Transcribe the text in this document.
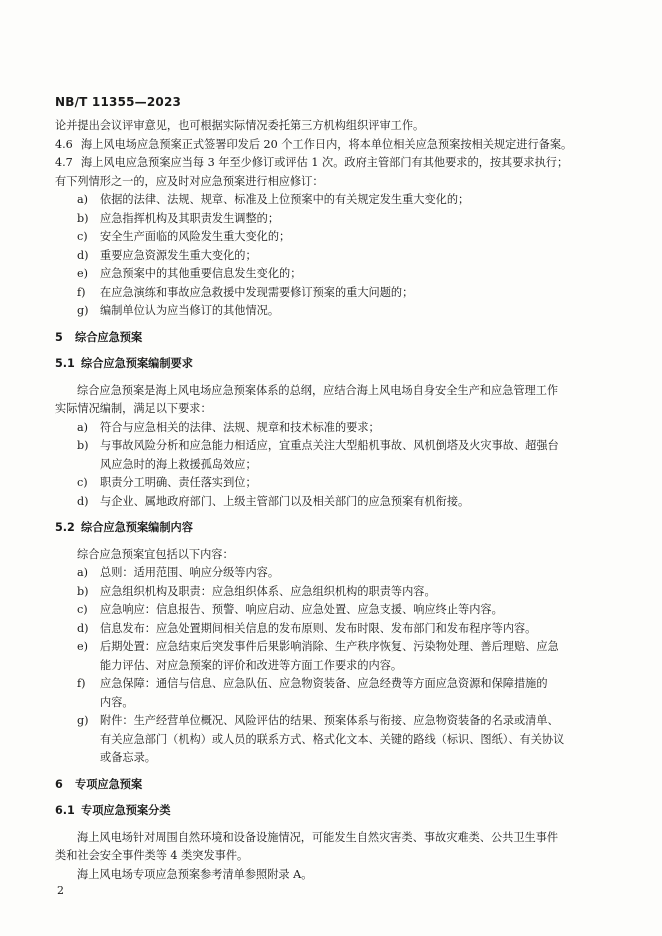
NB/T 11355—2023
论并提出会议评审意见，也可根据实际情况委托第三方机构组织评审工作。
4.6 海上风电场应急预案正式签署印发后 20 个工作日内，将本单位相关应急预案按相关规定进行备案。
4.7 海上风电应急预案应当每 3 年至少修订或评估 1 次。政府主管部门有其他要求的，按其要求执行；
有下列情形之一的，应及时对应急预案进行相应修订：
a) 依据的法律、法规、规章、标准及上位预案中的有关规定发生重大变化的；
b) 应急指挥机构及其职责发生调整的；
c) 安全生产面临的风险发生重大变化的；
d) 重要应急资源发生重大变化的；
e) 应急预案中的其他重要信息发生变化的；
f) 在应急演练和事故应急救援中发现需要修订预案的重大问题的；
g) 编制单位认为应当修订的其他情况。
5 综合应急预案
5.1 综合应急预案编制要求
综合应急预案是海上风电场应急预案体系的总纲，应结合海上风电场自身安全生产和应急管理工作
实际情况编制，满足以下要求：
a) 符合与应急相关的法律、法规、规章和技术标准的要求；
b) 与事故风险分析和应急能力相适应，宜重点关注大型船机事故、风机倒塔及火灾事故、超强台
风应急时的海上救援孤岛效应；
c) 职责分工明确、责任落实到位；
d) 与企业、属地政府部门、上级主管部门以及相关部门的应急预案有机衔接。
5.2 综合应急预案编制内容
综合应急预案宜包括以下内容：
a) 总则：适用范围、响应分级等内容。
b) 应急组织机构及职责：应急组织体系、应急组织机构的职责等内容。
c) 应急响应：信息报告、预警、响应启动、应急处置、应急支援、响应终止等内容。
d) 信息发布：应急处置期间相关信息的发布原则、发布时限、发布部门和发布程序等内容。
e) 后期处置：应急结束后突发事件后果影响消除、生产秩序恢复、污染物处理、善后理赔、应急
能力评估、对应急预案的评价和改进等方面工作要求的内容。
f) 应急保障：通信与信息、应急队伍、应急物资装备、应急经费等方面应急资源和保障措施的
内容。
g) 附件：生产经营单位概况、风险评估的结果、预案体系与衔接、应急物资装备的名录或清单、
有关应急部门（机构）或人员的联系方式、格式化文本、关键的路线（标识、图纸）、有关协议
或备忘录。
6 专项应急预案
6.1 专项应急预案分类
海上风电场针对周围自然环境和设备设施情况，可能发生自然灾害类、事故灾难类、公共卫生事件
类和社会安全事件类等 4 类突发事件。
海上风电场专项应急预案参考清单参照附录 A。
2
